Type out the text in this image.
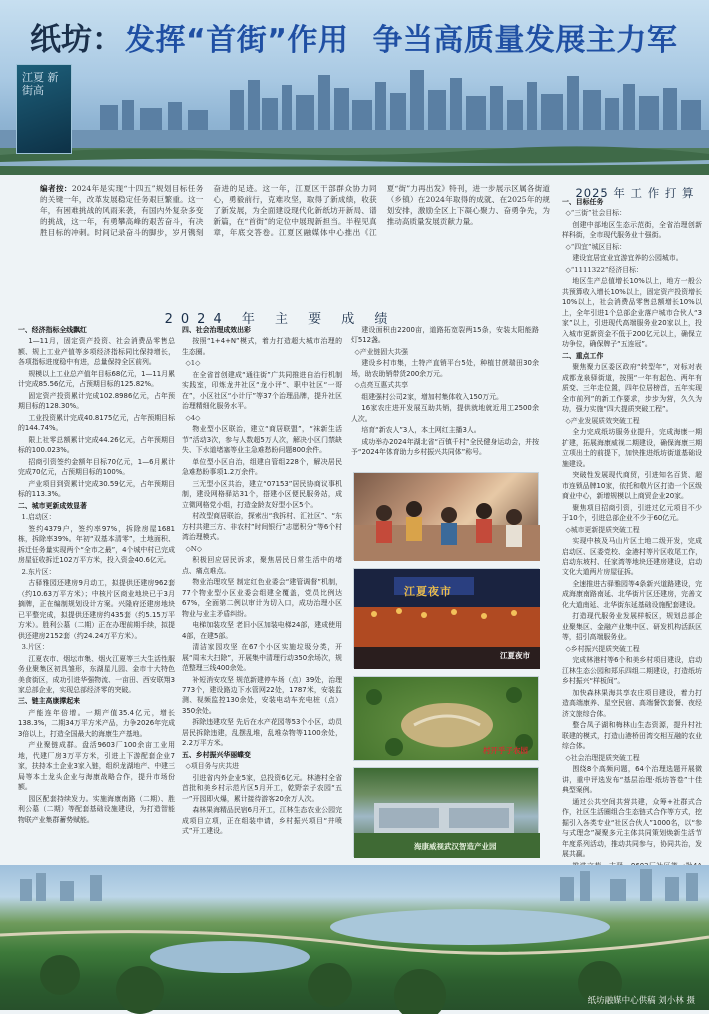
江夏 新街高
纸坊： 发挥“首街”作用 争当高质量发展主力军
编者按：2024年是实现“十四五”规划目标任务的关键一年，改革发展稳定任务艰巨繁重。这一年，有困难挑战的风雨来袭，有国内外复杂多变的挑战，这一年，有勇攀高峰的艰苦奋斗，有决胜目标的冲刺。时间记录奋斗的脚步，岁月镌刻奋进的足迹。这一年，江夏区干部群众协力同心，勇毅前行，克难攻坚，取得了新成绩，收获了新发展，为全面建设现代化新纸坊开新局、谱新篇，在“首街”的定位中展现新担当。半程见真章，年底交答卷。江夏区融媒体中心推出《江夏“街”力再出发》特刊，进一步展示区属各街道（乡镇）在2024年取得的成就、在2025年的规划安排，激励全区上下凝心聚力、奋勇争先，为推动高质量发展贡献力量。
2024 年 主 要 成 绩

一、经济指标全线飘红

1—11月，固定资产投资、社会消费品零售总额、规上工业产值等多项经济指标同比保持增长，各项指标进度稳中有进，总量保持全区前列。

规模以上工业总产值年目标68亿元，1—11月累计完成85.56亿元，占预期目标的125.82%。

固定资产投资累计完成102.8986亿元，占年预期目标的128.30%。

工业投资累计完成40.8175亿元，占年预期目标的144.74%。

限上社零总额累计完成44.26亿元，占年预期目标的100.023%。

招商引资签约金额年目标70亿元，1—6月累计完成70亿元，占预期目标的100%。

产业项目到资累计完成30.59亿元，占年预期目标的113.3%。

二、城市更新成效显著

1.启动区：

签约4379户，签约率97%，拆除房屋1681栋，拆除率39%。年初“双基本清零”，土地面积、拆迁任务量实现两个“全市之最”，4个城中村已完成房屋征收拆迁102万平方米，投入资金40.6亿元。

2.东片区：

古驿雅园还建房9月动工，拟提供还建房962套（约10.63万平方米）；中核片区商业地块已于3月摘牌，正在编制规划设计方案。兴隆府还建房地块已平整完成，拟提供还建房约435套（约5.15万平方米）。胜利公墓（二期）正在办理前期手续，拟提供还建房2152套（约24.24万平方米）。

3.片区：

江夏农市、烟坛市集、烟火江夏等三大生活性服务业聚集区初具雏形，东湖星儿园、金市十大特色美食街区，成功引进华强物流、一亩田、西安联翔3家总部企业，实现总部经济零的突破。

三、链主高康撑起来

产能连年倍增。一期产值35.4亿元，增长138.3%，二期34万平方米产品，力争2026年完成3倍以上，打造全国最大的海康生产基地。

产业聚链成群。盘活9603厂100余亩工业用地，代建厂房3万平方米，引进上下游配套企业7家，扶持本土企业3家入链，组织龙湖地产、中建三局等本土龙头企业与海康战略合作，提升市场份额。

园区配套持续发力。实施海康南路（二期）、胜利公墓（二期）等配套基础设施建设，为打造智能物联产业集群蓄势赋能。

四、社会治理成效出彩

按照“1+4+N”模式，着力打造超大城市治理的生态圈。

◇1◇

在全省首创建成“通往街”广共同推进自治行机制实践室，印炼龙井社区“龙小评”、职中社区“一哥在”，小区社区“小计厅”等37个治理品牌，提升社区治理精细化服务水平。

◇4◇

物业型小区联治，建立“商居联盟”，“袜新生活节”活动3次，参与人数超5万人次，解决小区门禁缺失、下水道堵塞等业主急难愁盼问题800余件。

单位型小区自治，组建自管组228个，解决居民急难愁盼事项1.2万余件。

三无型小区共治，建立“07153”居民协商议事机制，建设网格驿站31个，搭建小区便民服务站，成立微网格党小组，打造金龄友好型小区5个。

村改型商居联治，探索出“我拆村、汇社区”、“东方村共建三方、非农村”时间银行”志愿积分“等6个村湾治理模式。

◇N◇

积极回应居民诉求，聚焦居民日常生活中的堵点、痛点难点。

物业治理攻坚 制定红色业委会“建管调督”机制，77个物业型小区业委会组建全覆盖，党员比例达67%，全面第二例以审计为切入口，成功治理小区物业与业主矛盾纠纷。

电梯加装攻坚 老旧小区加装电梯24部，建成使用4部，在建5部。

清洁家园攻坚 在67个小区实施垃圾分类，开展“周末大扫除”，开展集中清理行动350余场次，规范整理三线400余处。

补短消安攻坚 规范新建停车场（点）39处，治理773个，建设路边下水管网22处，1787米，安装监测、视频监控130余处，安装电动车充电桩（点）350余处。

拆除违建攻坚 先后在水产花园等53个小区，动员居民拆除违建，乱摆乱堆，乱堆杂物等1100余处，2.2万平方米。

五、乡村振兴华丽蝶变

◇项目务与庆共进

引进省内外企业5家，总投资6亿元。林港村全省首批和美乡村示范片区5月开工，乾野亲子农园“五一”开园即火爆，累计接待游客20余万人次。

森林果海精品民宿6月开工，江林生态农业公园完成项目立项，正在组装申请，乡村振兴项目“井喷式”开工建设。

建设面积由2200亩，道路拓宽裂两15条，安装太阳能路灯512盏。

◇产业链固大共强

建设乡村市集，土特产直销平台5处，种植甘蔗瑞田30余场，助农助销带货200余万元。

◇点亮互惠式共享

组建强村公司2家，增加村集体收入150万元。

16家农庄进开发展互助共销，提供就地就近用工2500余人次。

培育“新农人”3人，本土网红主播3人。

成功举办2024年湖北省“百镇千村”全民健身运动会，并按予“2024年体育助力乡村振兴共同体”称号。

江夏夜市
江夏夜市
村开乎子农园
海康威视武汉智造产业园
2025 年 工 作 打 算

一、目标任务

◇“三街”社会目标：

创建中部地区生态示范街，全省治理创新样科街，全市现代服务业十强街。

◇“四宜”城区目标：

建设宜居宜业宜游宜养的公园城市。

◇“1111322”经济目标：

地区生产总值增长10%以上，地方一般公共预算收入增长10%以上，固定资产投资增长10%以上，社会消费品零售总额增长10%以上，全年引进1个总部企业落户城市合伙人“3家”以上，引进现代高端服务业20家以上，投入城市更新资金不低于200亿元以上，确保立功争位，确保牌子“五连冠”。

二、重点工作

聚焦聚力区委区政府“转型年”，对标对表成都龙泉驿街道，按照“一年有起色、两年有质变、三年走位置，四年位居榜首，五年实现全市前列”的新工作要求，步步为营，久久为功，强力实施“四大提质突破工程”。

◇产业发展质效突破工程

全力完成纸坊服务业提升，完成海康一期扩建，拓展海康威视二期建设，确保海康三期立项出土的前提下，加快推进纸坊街道基础设施建设。

突破性发展现代商贸，引进知名百货、超市连锁品牌10家，依托和敬片区打造一个区级商业中心，新增规模以上商贸企业20家。

聚焦项目招商引资，引进过亿元项目不少于10个，引进总部企业不少于60亿元。

◇城市更新提质突破工程

实现中核及马山片区土地二级开发，完成启动区、区委党校、金港村等片区收尾工作，启动东坡村、任家湾等地块还建房建设，启动文化大道两片房屋征拆。

全速推进古驿雅园等4条新兴道路建设，完成海康南路南延、北华街片区还建房，完善文化大道南延、北华街东延基础设施配套建设。

打造现代服务业发展样板区，规划总部企业聚集区、金融产业集中区、研发机构活跃区等，招引高端服务业。

◇乡村振兴提质突破工程

完成林港村等6个和美乡村项目建设，启动江林生态公园和郑乐四组二期建设，打造纸坊乡村振兴“样板间”。

加快森林果海共享农庄项目建设，着力打造高端康养、星空民宿、高端餐饮套餐、夜经济文旅综合体。

整合凤子湖和梅林山生态资源，提升村社联建的模式，打造山港桥田湾交相互融的农业综合体。

◇社会治理提质突破工程

围绕8个高频问题，64个治理选题开展微讲，重中评选发布“基层治理·纸坊答卷”十佳典型案例。

通过公共空间共营共建，众筹+社群式合作，社区生活圈组合生态链式合作等方式，挖掘引入各类专业“社区合伙人”1000名，以“参与式理念”凝聚多元主体共同策划焕新生活节年度系列活动，推动共同参与，协同共治，发展共赢。

纸坊融媒中心供稿 刘小林 摄
